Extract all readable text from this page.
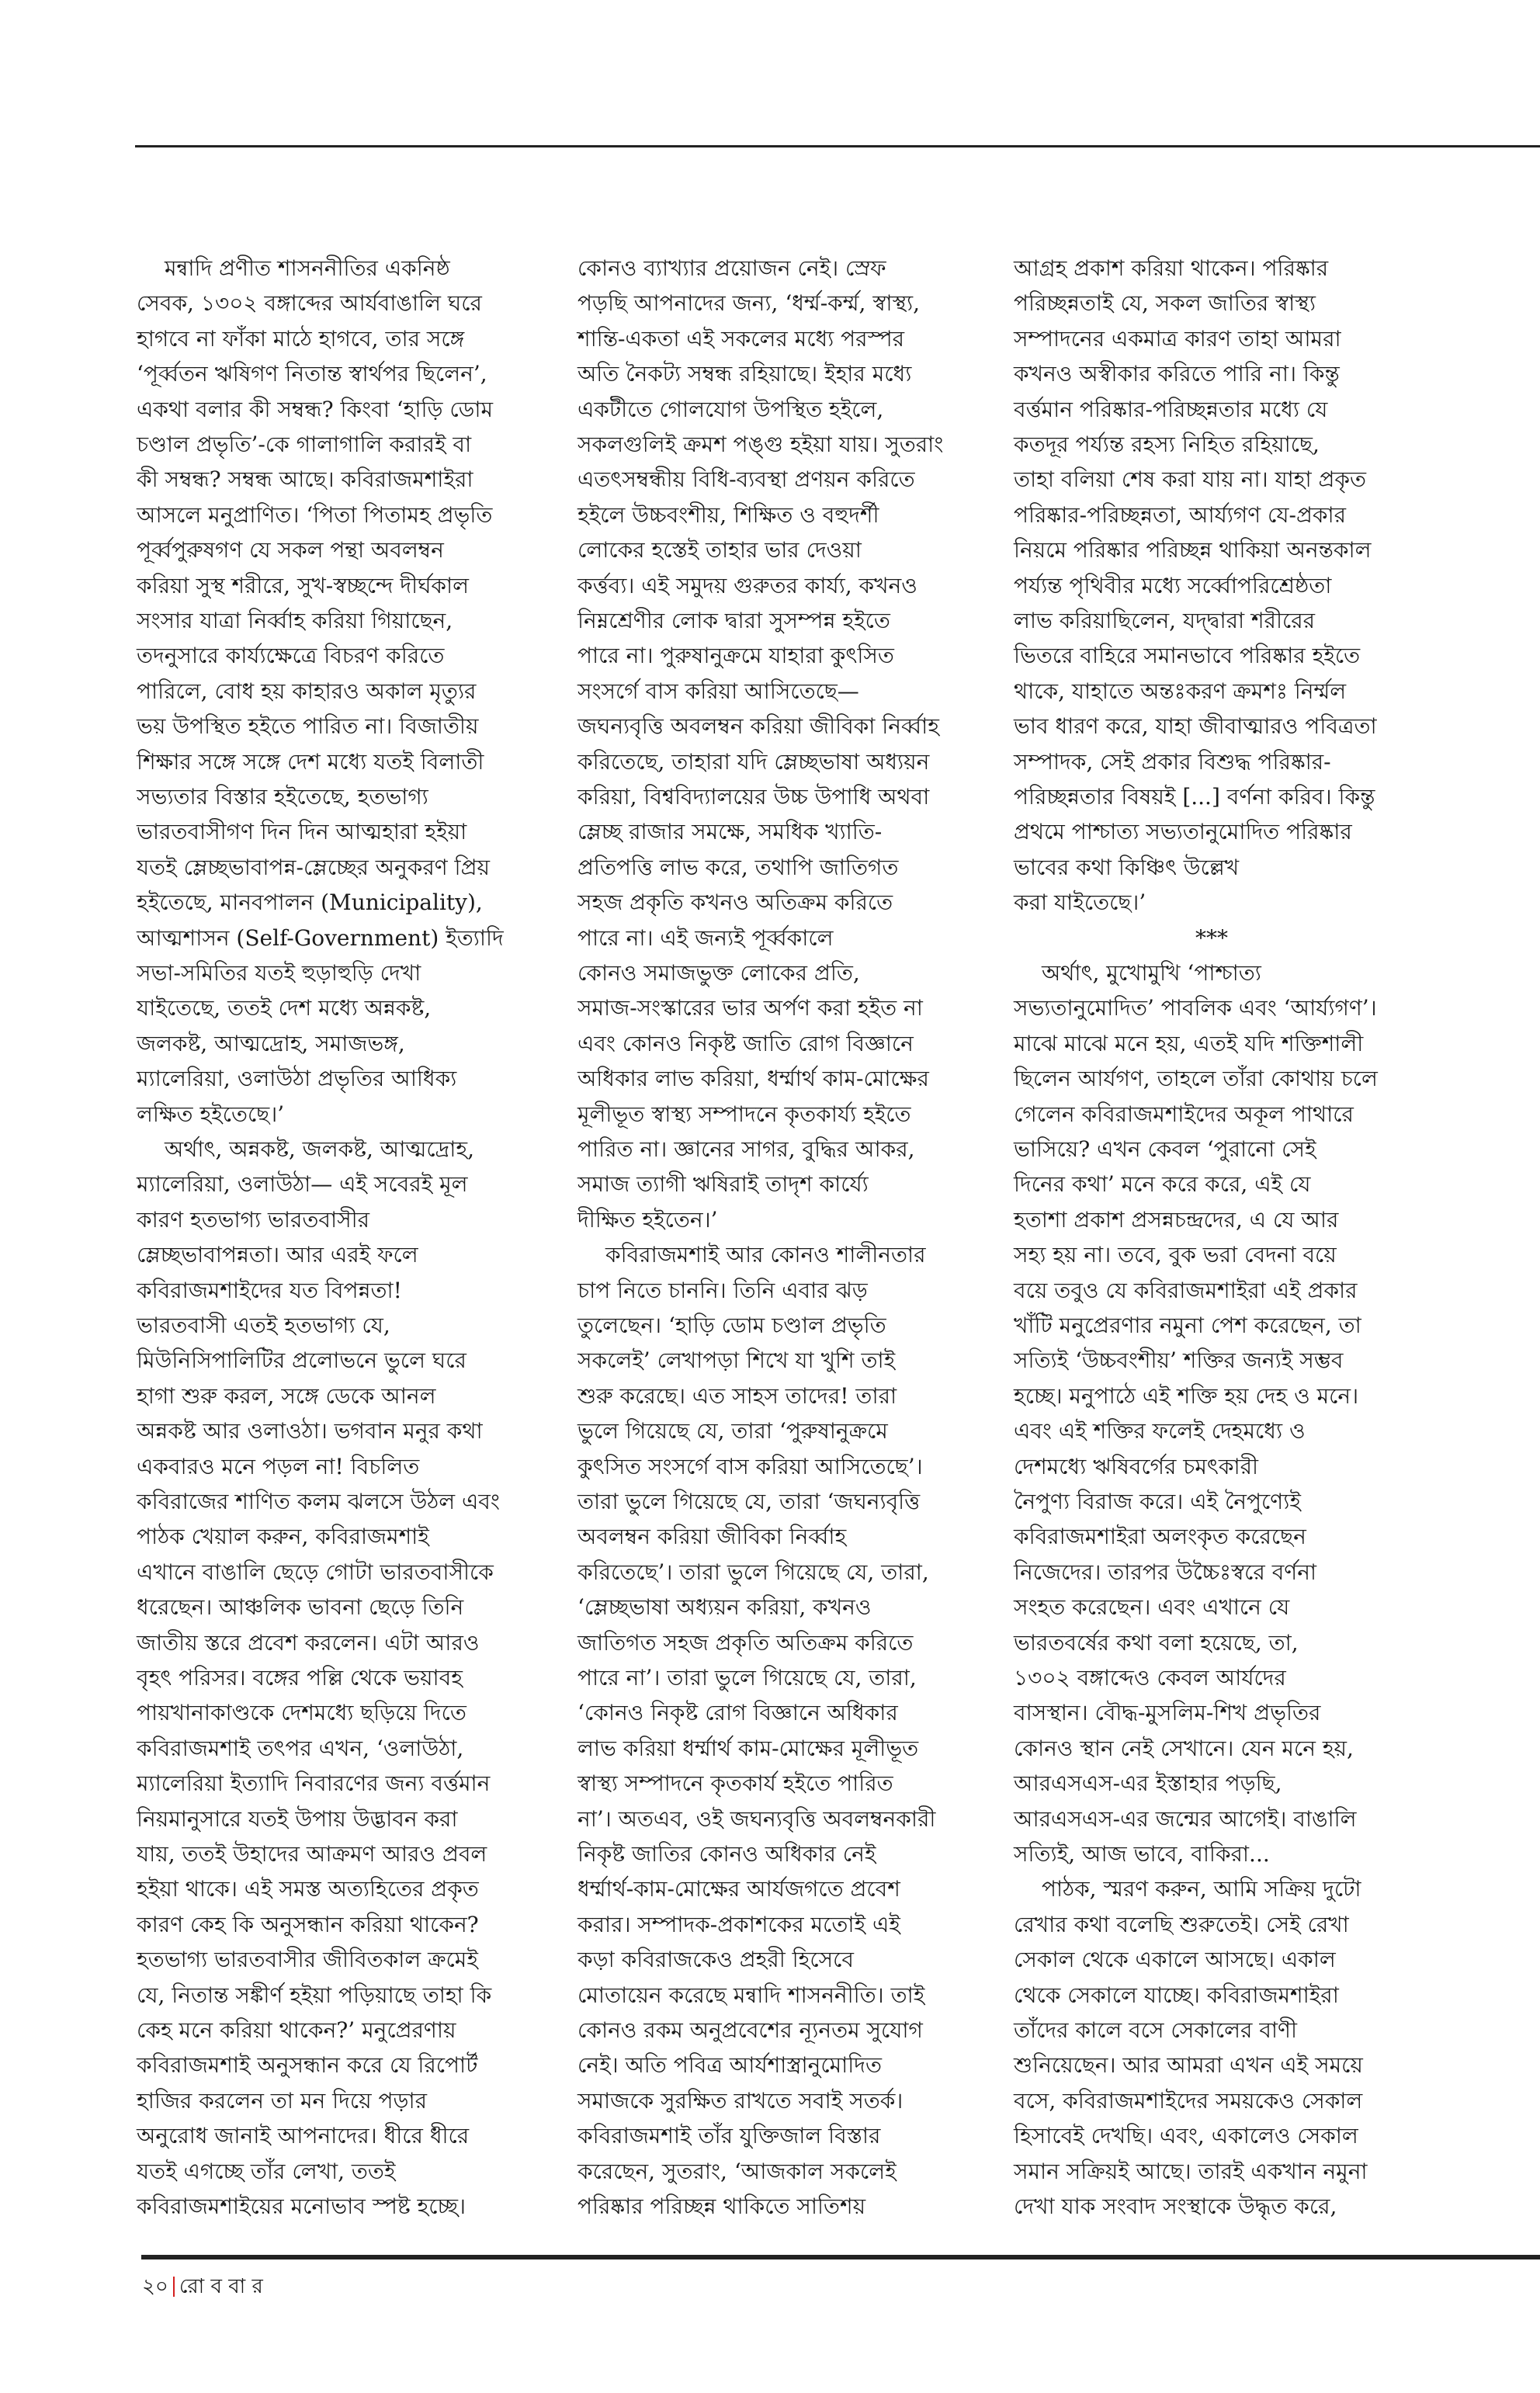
মন্বাদি প্রণীত শাসননীতির একনিষ্ঠ
সেবক, ১৩০২ বঙ্গাব্দের আর্যবাঙালি ঘরে
হাগবে না ফাঁকা মাঠে হাগবে, তার সঙ্গে
‘পূর্ব্বতন ঋষিগণ নিতান্ত স্বার্থপর ছিলেন’,
একথা বলার কী সম্বন্ধ? কিংবা ‘হাড়ি ডোম
চণ্ডাল প্রভৃতি’-কে গালাগালি করারই বা
কী সম্বন্ধ? সম্বন্ধ আছে। কবিরাজমশাইরা
আসলে মনুপ্রাণিত। ‘পিতা পিতামহ প্রভৃতি
পূর্ব্বপুরুষগণ যে সকল পন্থা অবলম্বন
করিয়া সুস্থ শরীরে, সুখ-স্বচ্ছন্দে দীর্ঘকাল
সংসার যাত্রা নির্ব্বাহ করিয়া গিয়াছেন,
তদনুসারে কার্য্যক্ষেত্রে বিচরণ করিতে
পারিলে, বোধ হয় কাহারও অকাল মৃত্যুর
ভয় উপস্থিত হইতে পারিত না। বিজাতীয়
শিক্ষার সঙ্গে সঙ্গে দেশ মধ্যে যতই বিলাতী
সভ্যতার বিস্তার হইতেছে, হতভাগ্য
ভারতবাসীগণ দিন দিন আত্মহারা হইয়া
যতই ম্লেচ্ছভাবাপন্ন-ম্লেচ্ছের অনুকরণ প্রিয়
হইতেছে, মানবপালন (Municipality),
আত্মশাসন (Self-Government) ইত্যাদি
সভা-সমিতির যতই হুড়াহুড়ি দেখা
যাইতেছে, ততই দেশ মধ্যে অন্নকষ্ট,
জলকষ্ট, আত্মদ্রোহ, সমাজভঙ্গ,
ম্যালেরিয়া, ওলাউঠা প্রভৃতির আধিক্য
লক্ষিত হইতেছে।’
অর্থাৎ, অন্নকষ্ট, জলকষ্ট, আত্মদ্রোহ,
ম্যালেরিয়া, ওলাউঠা— এই সবেরই মূল
কারণ হতভাগ্য ভারতবাসীর
ম্লেচ্ছভাবাপন্নতা। আর এরই ফলে
কবিরাজমশাইদের যত বিপন্নতা!
ভারতবাসী এতই হতভাগ্য যে,
মিউনিসিপালিটির প্রলোভনে ভুলে ঘরে
হাগা শুরু করল, সঙ্গে ডেকে আনল
অন্নকষ্ট আর ওলাওঠা। ভগবান মনুর কথা
একবারও মনে পড়ল না! বিচলিত
কবিরাজের শাণিত কলম ঝলসে উঠল এবং
পাঠক খেয়াল করুন, কবিরাজমশাই
এখানে বাঙালি ছেড়ে গোটা ভারতবাসীকে
ধরেছেন। আঞ্চলিক ভাবনা ছেড়ে তিনি
জাতীয় স্তরে প্রবেশ করলেন। এটা আরও
বৃহৎ পরিসর। বঙ্গের পল্লি থেকে ভয়াবহ
পায়খানাকাণ্ডকে দেশমধ্যে ছড়িয়ে দিতে
কবিরাজমশাই তৎপর এখন, ‘ওলাউঠা,
ম্যালেরিয়া ইত্যাদি নিবারণের জন্য বর্ত্তমান
নিয়মানুসারে যতই উপায় উদ্ভাবন করা
যায়, ততই উহাদের আক্রমণ আরও প্রবল
হইয়া থাকে। এই সমস্ত অত্যহিতের প্রকৃত
কারণ কেহ কি অনুসন্ধান করিয়া থাকেন?
হতভাগ্য ভারতবাসীর জীবিতকাল ক্রমেই
যে, নিতান্ত সঙ্কীর্ণ হইয়া পড়িয়াছে তাহা কি
কেহ মনে করিয়া থাকেন?’ মনুপ্রেরণায়
কবিরাজমশাই অনুসন্ধান করে যে রিপোর্ট
হাজির করলেন তা মন দিয়ে পড়ার
অনুরোধ জানাই আপনাদের। ধীরে ধীরে
যতই এগচ্ছে তাঁর লেখা, ততই
কবিরাজমশাইয়ের মনোভাব স্পষ্ট হচ্ছে।
কোনও ব্যাখ্যার প্রয়োজন নেই। স্রেফ
পড়ছি আপনাদের জন্য, ‘ধর্ম্ম-কর্ম্ম, স্বাস্থ্য,
শান্তি-একতা এই সকলের মধ্যে পরস্পর
অতি নৈকট্য সম্বন্ধ রহিয়াছে। ইহার মধ্যে
একটীতে গোলযোগ উপস্থিত হইলে,
সকলগুলিই ক্রমশ পঙ্গু হইয়া যায়। সুতরাং
এতৎসম্বন্ধীয় বিধি-ব্যবস্থা প্রণয়ন করিতে
হইলে উচ্চবংশীয়, শিক্ষিত ও বহুদর্শী
লোকের হস্তেই তাহার ভার দেওয়া
কর্ত্তব্য। এই সমুদয় গুরুতর কার্য্য, কখনও
নিম্নশ্রেণীর লোক দ্বারা সুসম্পন্ন হইতে
পারে না। পুরুষানুক্রমে যাহারা কুৎসিত
সংসর্গে বাস করিয়া আসিতেছে—
জঘন্যবৃত্তি অবলম্বন করিয়া জীবিকা নির্ব্বাহ
করিতেছে, তাহারা যদি ম্লেচ্ছভাষা অধ্যয়ন
করিয়া, বিশ্ববিদ্যালয়ের উচ্চ উপাধি অথবা
ম্লেচ্ছ রাজার সমক্ষে, সমধিক খ্যাতি-
প্রতিপত্তি লাভ করে, তথাপি জাতিগত
সহজ প্রকৃতি কখনও অতিক্রম করিতে
পারে না। এই জন্যই পূর্ব্বকালে
কোনও সমাজভুক্ত লোকের প্রতি,
সমাজ-সংস্কারের ভার অর্পণ করা হইত না
এবং কোনও নিকৃষ্ট জাতি রোগ বিজ্ঞানে
অধিকার লাভ করিয়া, ধর্ম্মার্থ কাম-মোক্ষের
মূলীভূত স্বাস্থ্য সম্পাদনে কৃতকার্য্য হইতে
পারিত না। জ্ঞানের সাগর, বুদ্ধির আকর,
সমাজ ত্যাগী ঋষিরাই তাদৃশ কার্য্যে
দীক্ষিত হইতেন।’
কবিরাজমশাই আর কোনও শালীনতার
চাপ নিতে চাননি। তিনি এবার ঝড়
তুলেছেন। ‘হাড়ি ডোম চণ্ডাল প্রভৃতি
সকলেই’ লেখাপড়া শিখে যা খুশি তাই
শুরু করেছে। এত সাহস তাদের! তারা
ভুলে গিয়েছে যে, তারা ‘পুরুষানুক্রমে
কুৎসিত সংসর্গে বাস করিয়া আসিতেছে’।
তারা ভুলে গিয়েছে যে, তারা ‘জঘন্যবৃত্তি
অবলম্বন করিয়া জীবিকা নির্ব্বাহ
করিতেছে’। তারা ভুলে গিয়েছে যে, তারা,
‘ম্লেচ্ছভাষা অধ্যয়ন করিয়া, কখনও
জাতিগত সহজ প্রকৃতি অতিক্রম করিতে
পারে না’। তারা ভুলে গিয়েছে যে, তারা,
‘কোনও নিকৃষ্ট রোগ বিজ্ঞানে অধিকার
লাভ করিয়া ধর্ম্মার্থ কাম-মোক্ষের মূলীভূত
স্বাস্থ্য সম্পাদনে কৃতকার্য হইতে পারিত
না’। অতএব, ওই জঘন্যবৃত্তি অবলম্বনকারী
নিকৃষ্ট জাতির কোনও অধিকার নেই
ধর্ম্মার্থ-কাম-মোক্ষের আর্যজগতে প্রবেশ
করার। সম্পাদক-প্রকাশকের মতোই এই
কড়া কবিরাজকেও প্রহরী হিসেবে
মোতায়েন করেছে মন্বাদি শাসননীতি। তাই
কোনও রকম অনুপ্রবেশের ন্যূনতম সুযোগ
নেই। অতি পবিত্র আর্যশাস্ত্রানুমোদিত
সমাজকে সুরক্ষিত রাখতে সবাই সতর্ক।
কবিরাজমশাই তাঁর যুক্তিজাল বিস্তার
করেছেন, সুতরাং, ‘আজকাল সকলেই
পরিষ্কার পরিচ্ছন্ন থাকিতে সাতিশয়
আগ্রহ প্রকাশ করিয়া থাকেন। পরিষ্কার
পরিচ্ছন্নতাই যে, সকল জাতির স্বাস্থ্য
সম্পাদনের একমাত্র কারণ তাহা আমরা
কখনও অস্বীকার করিতে পারি না। কিন্তু
বর্ত্তমান পরিষ্কার-পরিচ্ছন্নতার মধ্যে যে
কতদূর পর্য্যন্ত রহস্য নিহিত রহিয়াছে,
তাহা বলিয়া শেষ করা যায় না। যাহা প্রকৃত
পরিষ্কার-পরিচ্ছন্নতা, আর্য্যগণ যে-প্রকার
নিয়মে পরিষ্কার পরিচ্ছন্ন থাকিয়া অনন্তকাল
পর্য্যন্ত পৃথিবীর মধ্যে সর্ব্বোপরিশ্রেষ্ঠতা
লাভ করিয়াছিলেন, যদ্দ্বারা শরীরের
ভিতরে বাহিরে সমানভাবে পরিষ্কার হইতে
থাকে, যাহাতে অন্তঃকরণ ক্রমশঃ নির্ম্মল
ভাব ধারণ করে, যাহা জীবাত্মারও পবিত্রতা
সম্পাদক, সেই প্রকার বিশুদ্ধ পরিষ্কার-
পরিচ্ছন্নতার বিষয়ই [...] বর্ণনা করিব। কিন্তু
প্রথমে পাশ্চাত্য সভ্যতানুমোদিত পরিষ্কার
ভাবের কথা কিঞ্চিৎ উল্লেখ
করা যাইতেছে।’
***
অর্থাৎ, মুখোমুখি ‘পাশ্চাত্য
সভ্যতানুমোদিত’ পাবলিক এবং ‘আর্য্যগণ’।
মাঝে মাঝে মনে হয়, এতই যদি শক্তিশালী
ছিলেন আর্যগণ, তাহলে তাঁরা কোথায় চলে
গেলেন কবিরাজমশাইদের অকূল পাথারে
ভাসিয়ে? এখন কেবল ‘পুরানো সেই
দিনের কথা’ মনে করে করে, এই যে
হতাশা প্রকাশ প্রসন্নচন্দ্রদের, এ যে আর
সহ্য হয় না। তবে, বুক ভরা বেদনা বয়ে
বয়ে তবুও যে কবিরাজমশাইরা এই প্রকার
খাঁটি মনুপ্রেরণার নমুনা পেশ করেছেন, তা
সত্যিই ‘উচ্চবংশীয়’ শক্তির জন্যই সম্ভব
হচ্ছে। মনুপাঠে এই শক্তি হয় দেহ ও মনে।
এবং এই শক্তির ফলেই দেহমধ্যে ও
দেশমধ্যে ঋষিবর্গের চমৎকারী
নৈপুণ্য বিরাজ করে। এই নৈপুণ্যেই
কবিরাজমশাইরা অলংকৃত করেছেন
নিজেদের। তারপর উচ্চৈঃস্বরে বর্ণনা
সংহত করেছেন। এবং এখানে যে
ভারতবর্ষের কথা বলা হয়েছে, তা,
১৩০২ বঙ্গাব্দেও কেবল আর্যদের
বাসস্থান। বৌদ্ধ-মুসলিম-শিখ প্রভৃতির
কোনও স্থান নেই সেখানে। যেন মনে হয়,
আরএসএস-এর ইস্তাহার পড়ছি,
আরএসএস-এর জন্মের আগেই। বাঙালি
সত্যিই, আজ ভাবে, বাকিরা...
পাঠক, স্মরণ করুন, আমি সক্রিয় দুটো
রেখার কথা বলেছি শুরুতেই। সেই রেখা
সেকাল থেকে একালে আসছে। একাল
থেকে সেকালে যাচ্ছে। কবিরাজমশাইরা
তাঁদের কালে বসে সেকালের বাণী
শুনিয়েছেন। আর আমরা এখন এই সময়ে
বসে, কবিরাজমশাইদের সময়কেও সেকাল
হিসাবেই দেখছি। এবং, একালেও সেকাল
সমান সক্রিয়ই আছে। তারই একখান নমুনা
দেখা যাক সংবাদ সংস্থাকে উদ্ধৃত করে,
২০ রো ব বা র
